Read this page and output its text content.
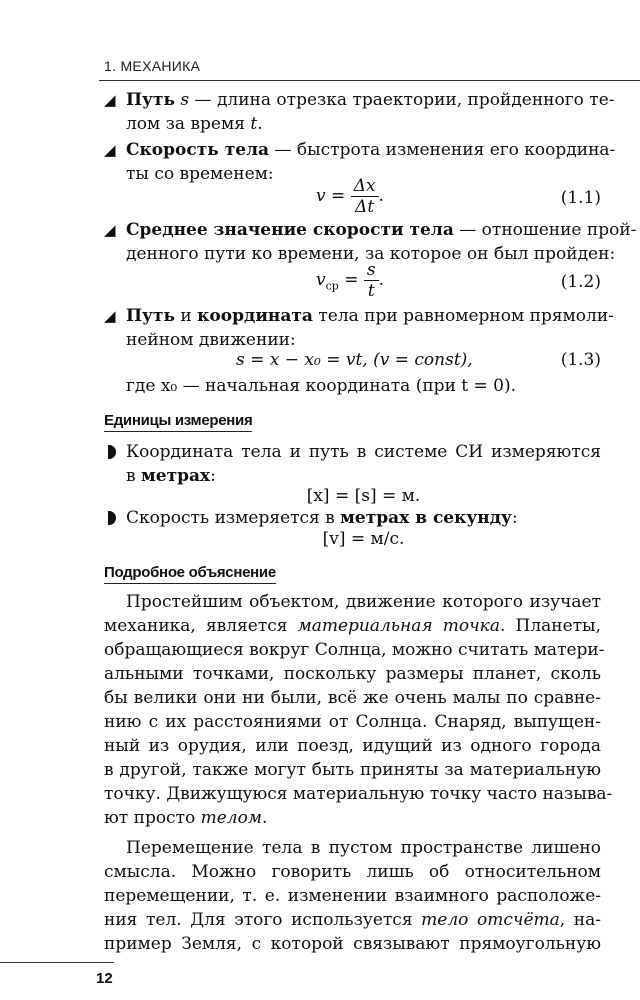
1. МЕХАНИКА
◢ Путь s — длина отрезка траектории, пройденного те-
лом за время t.
◢ Скорость тела — быстрота изменения его координа-
ты со временем:
$v = \frac{\Delta x}{\Delta t}$ .	(1.1)
◢ Среднее значение скорости тела — отношение прой-
денного пути ко времени, за которое он был пройден:
$v_{ср} = \frac{s}{t}$ .	(1.2)
◢ Путь и координата тела при равномерном прямоли-
нейном движении:
s = x − x₀ = vt, (v = const),	(1.3)
где x₀ — начальная координата (при t = 0).
Единицы измерения
Координата тела и путь в системе СИ измеряются
в метрах:
[x] = [s] = м.
Скорость измеряется в метрах в секунду:
[v] = м/с.
Подробное объяснение
Простейшим объектом, движение которого изучает
механика, является материальная точка. Планеты,
обращающиеся вокруг Солнца, можно считать матери-
альными точками, поскольку размеры планет, сколь
бы велики они ни были, всё же очень малы по сравне-
нию с их расстояниями от Солнца. Снаряд, выпущен-
ный из орудия, или поезд, идущий из одного города
в другой, также могут быть приняты за материальную
точку. Движущуюся материальную точку часто называ-
ют просто телом.
Перемещение тела в пустом пространстве лишено
смысла. Можно говорить лишь об относительном
перемещении, т. е. изменении взаимного расположе-
ния тел. Для этого используется тело отсчёта, на-
пример Земля, с которой связывают прямоугольную
12
